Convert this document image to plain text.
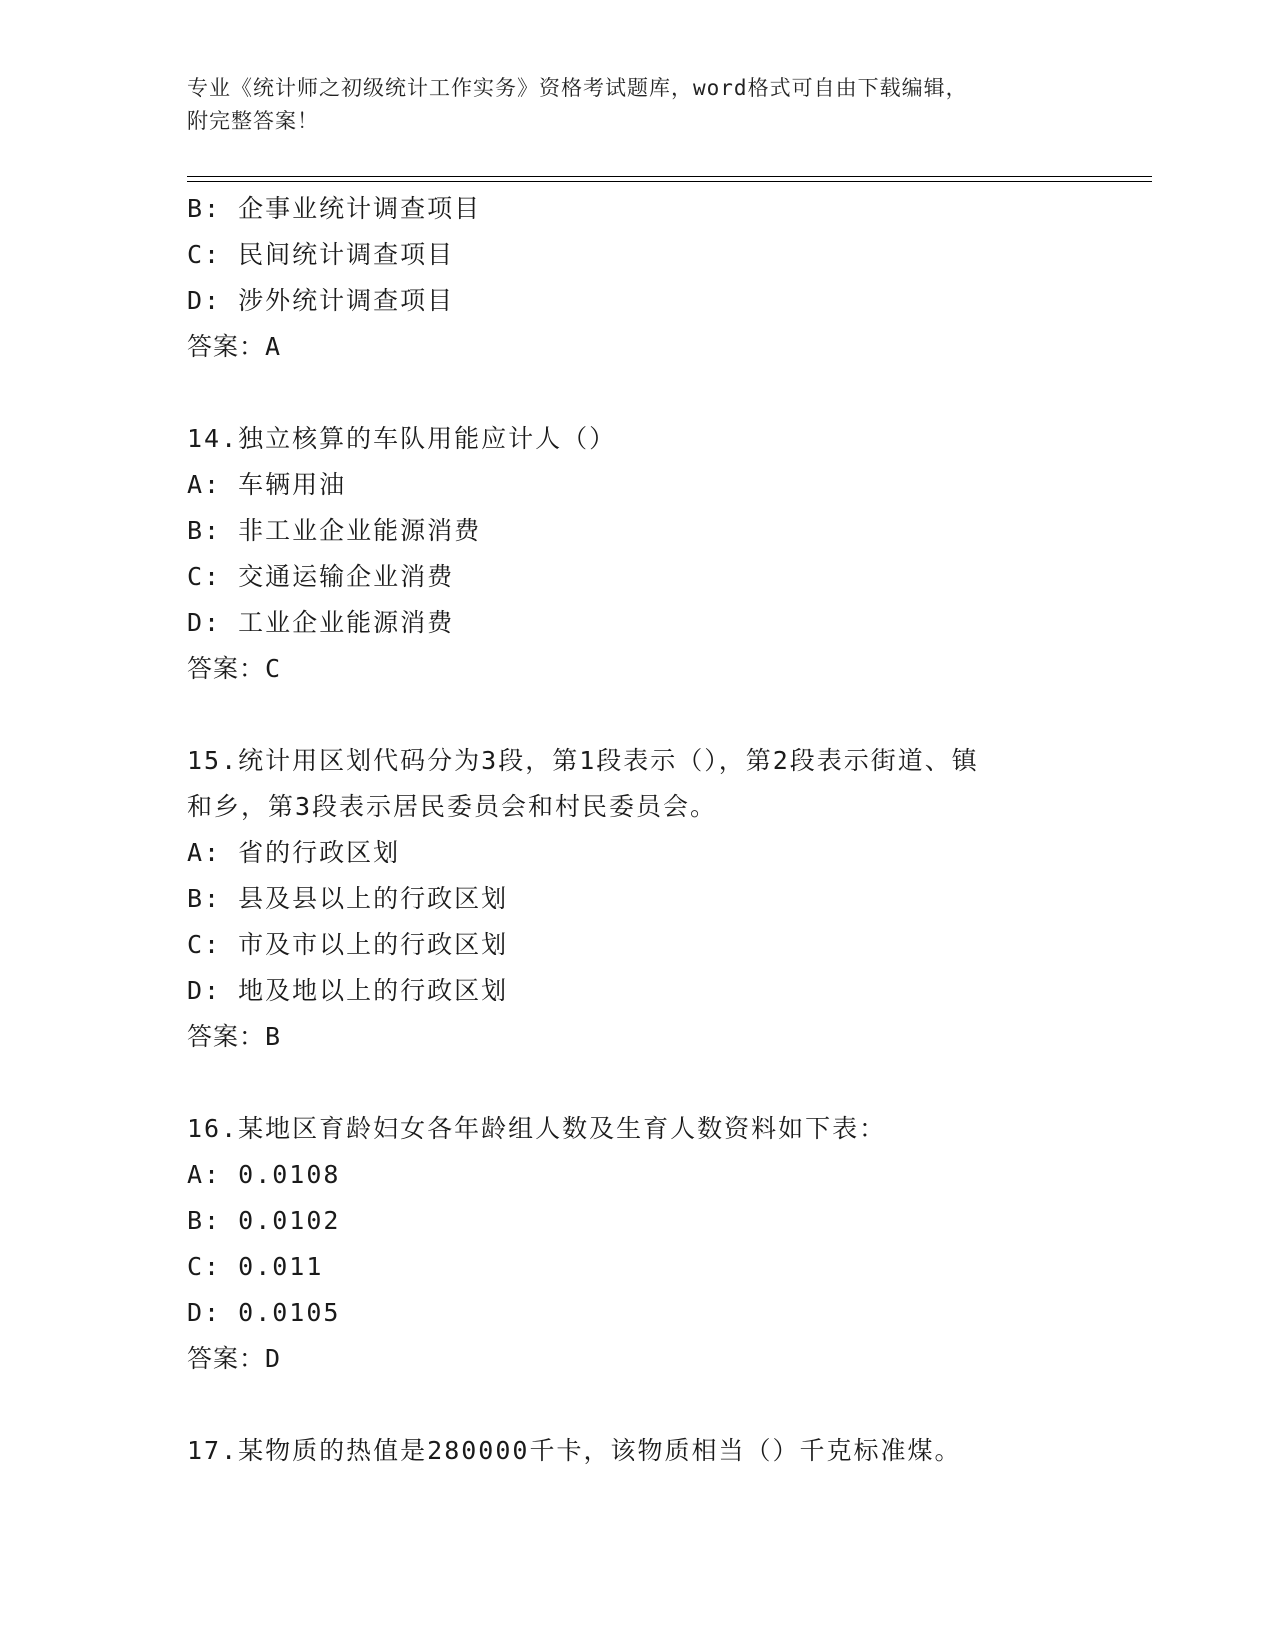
专业《统计师之初级统计工作实务》资格考试题库，word格式可自由下载编辑，
附完整答案！
B: 企事业统计调查项目
C: 民间统计调查项目
D: 涉外统计调查项目
答案：A
14.独立核算的车队用能应计人（）
A: 车辆用油
B: 非工业企业能源消费
C: 交通运输企业消费
D: 工业企业能源消费
答案：C
15.统计用区划代码分为3段，第1段表示（），第2段表示街道、镇
和乡，第3段表示居民委员会和村民委员会。
A: 省的行政区划
B: 县及县以上的行政区划
C: 市及市以上的行政区划
D: 地及地以上的行政区划
答案：B
16.某地区育龄妇女各年龄组人数及生育人数资料如下表：
A: 0.0108
B: 0.0102
C: 0.011
D: 0.0105
答案：D
17.某物质的热值是280000千卡，该物质相当（）千克标准煤。
